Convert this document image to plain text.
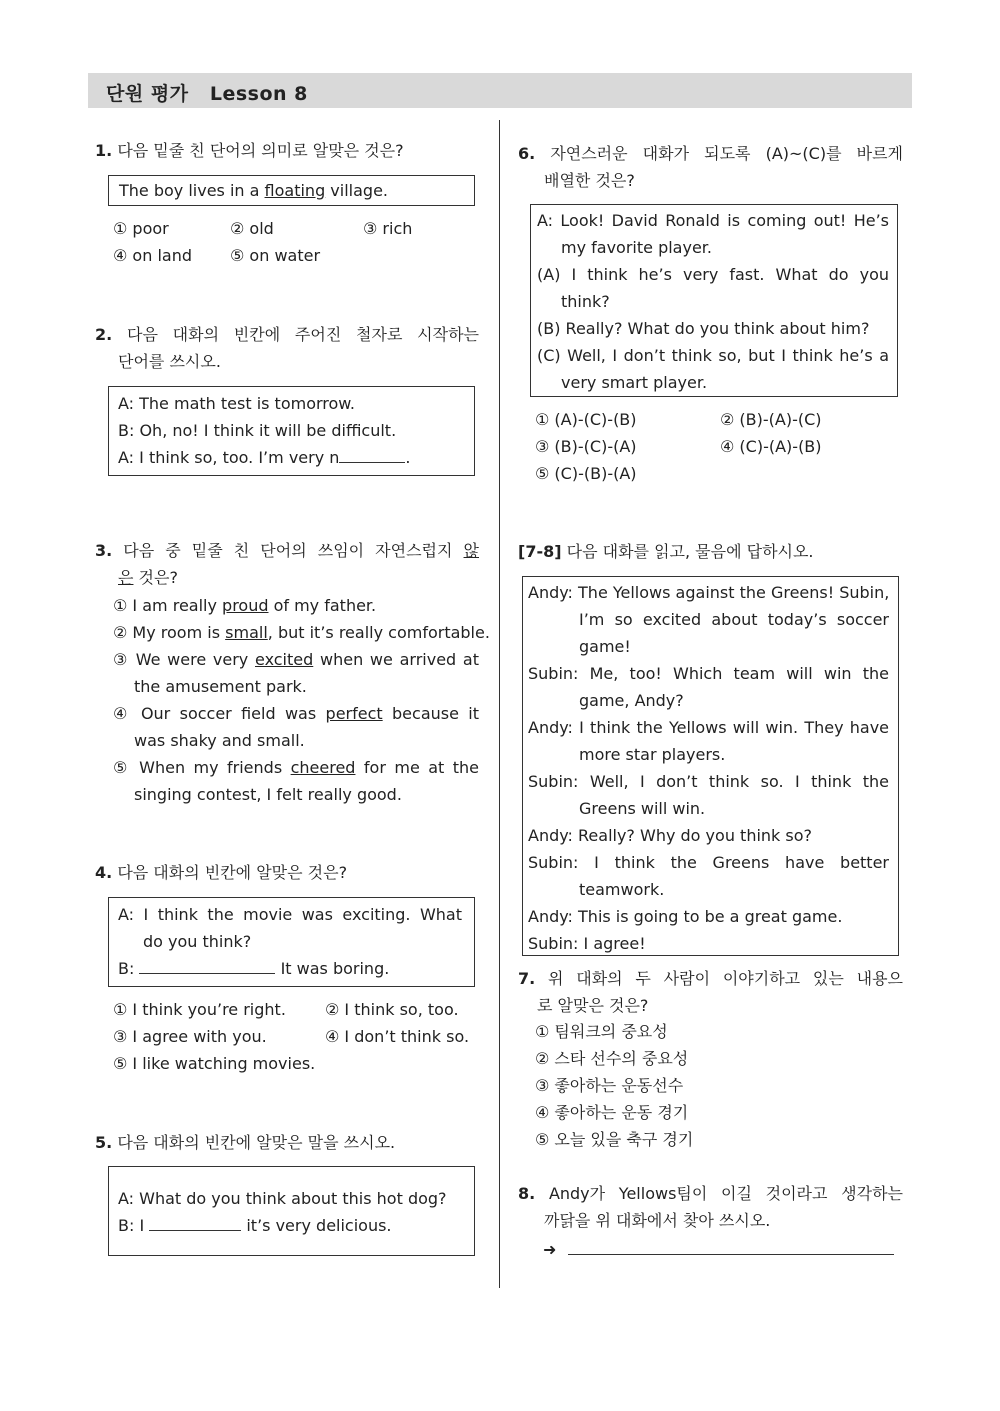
단원 평가   Lesson 8
1. 다음 밑줄 친 단어의 의미로 알맞은 것은?
The boy lives in a floating village.
① poor	② old	③ rich
④ on land ⑤ on water
2. 다음 대화의 빈칸에 주어진 철자로 시작하는
단어를 쓰시오.
A: The math test is tomorrow.
B: Oh, no! I think it will be difficult.
A: I think so, too. I’m very n	.
3. 다음 중 밑줄 친 단어의 쓰임이 자연스럽지 않
은 것은?
① I am really proud of my father.
② My room is small, but it’s really comfortable.
③ We were very excited when we arrived at
the amusement park.
④ Our soccer field was perfect because it
was shaky and small.
⑤ When my friends cheered for me at the
singing contest, I felt really good.
4. 다음 대화의 빈칸에 알맞은 것은?
A: I think the movie was exciting. What
do you think?
B:	It was boring.
① I think you’re right. ② I think so, too.
③ I agree with you.	④ I don’t think so.
⑤ I like watching movies.
5. 다음 대화의 빈칸에 알맞은 말을 쓰시오.
A: What do you think about this hot dog?
B: I	it’s very delicious.
6. 자연스러운 대화가 되도록 (A)~(C)를 바르게
배열한 것은?
A: Look! David Ronald is coming out! He’s
my favorite player.
(A) I think he’s very fast. What do you
think?
(B) Really? What do you think about him?
(C) Well, I don’t think so, but I think he’s a
very smart player.
① (A)-(C)-(B)	② (B)-(A)-(C)
③ (B)-(C)-(A)	④ (C)-(A)-(B)
⑤ (C)-(B)-(A)
[7-8] 다음 대화를 읽고, 물음에 답하시오.
Andy: The Yellows against the Greens! Subin,
I’m so excited about today’s soccer
game!
Subin: Me, too! Which team will win the
game, Andy?
Andy: I think the Yellows will win. They have
more star players.
Subin: Well, I don’t think so. I think the
Greens will win.
Andy: Really? Why do you think so?
Subin: I think the Greens have better
teamwork.
Andy: This is going to be a great game.
Subin: I agree!
7. 위 대화의 두 사람이 이야기하고 있는 내용으
로 알맞은 것은?
① 팀워크의 중요성
② 스타 선수의 중요성
③ 좋아하는 운동선수
④ 좋아하는 운동 경기
⑤ 오늘 있을 축구 경기
8. Andy가 Yellows팀이 이길 것이라고 생각하는
까닭을 위 대화에서 찾아 쓰시오.
➜
